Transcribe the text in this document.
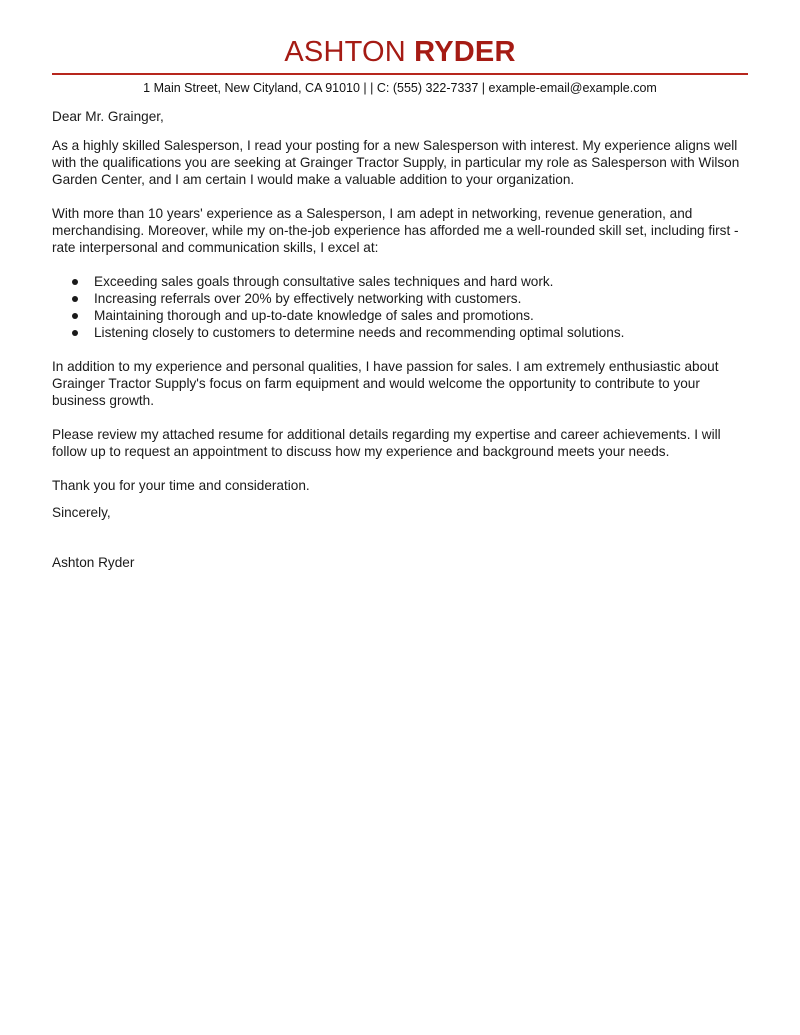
ASHTON RYDER
1 Main Street, New Cityland, CA 91010 | | C: (555) 322-7337 | example-email@example.com

Dear Mr. Grainger,

As a highly skilled Salesperson, I read your posting for a new Salesperson with interest. My experience aligns well with the qualifications you are seeking at Grainger Tractor Supply, in particular my role as Salesperson with Wilson Garden Center, and I am certain I would make a valuable addition to your organization.

With more than 10 years' experience as a Salesperson, I am adept in networking, revenue generation, and merchandising. Moreover, while my on-the-job experience has afforded me a well-rounded skill set, including first -rate interpersonal and communication skills, I excel at:

Exceeding sales goals through consultative sales techniques and hard work.
Increasing referrals over 20% by effectively networking with customers.
Maintaining thorough and up-to-date knowledge of sales and promotions.
Listening closely to customers to determine needs and recommending optimal solutions.

In addition to my experience and personal qualities, I have passion for sales. I am extremely enthusiastic about Grainger Tractor Supply's focus on farm equipment and would welcome the opportunity to contribute to your business growth.

Please review my attached resume for additional details regarding my expertise and career achievements. I will follow up to request an appointment to discuss how my experience and background meets your needs.

Thank you for your time and consideration.

Sincerely,

Ashton Ryder
